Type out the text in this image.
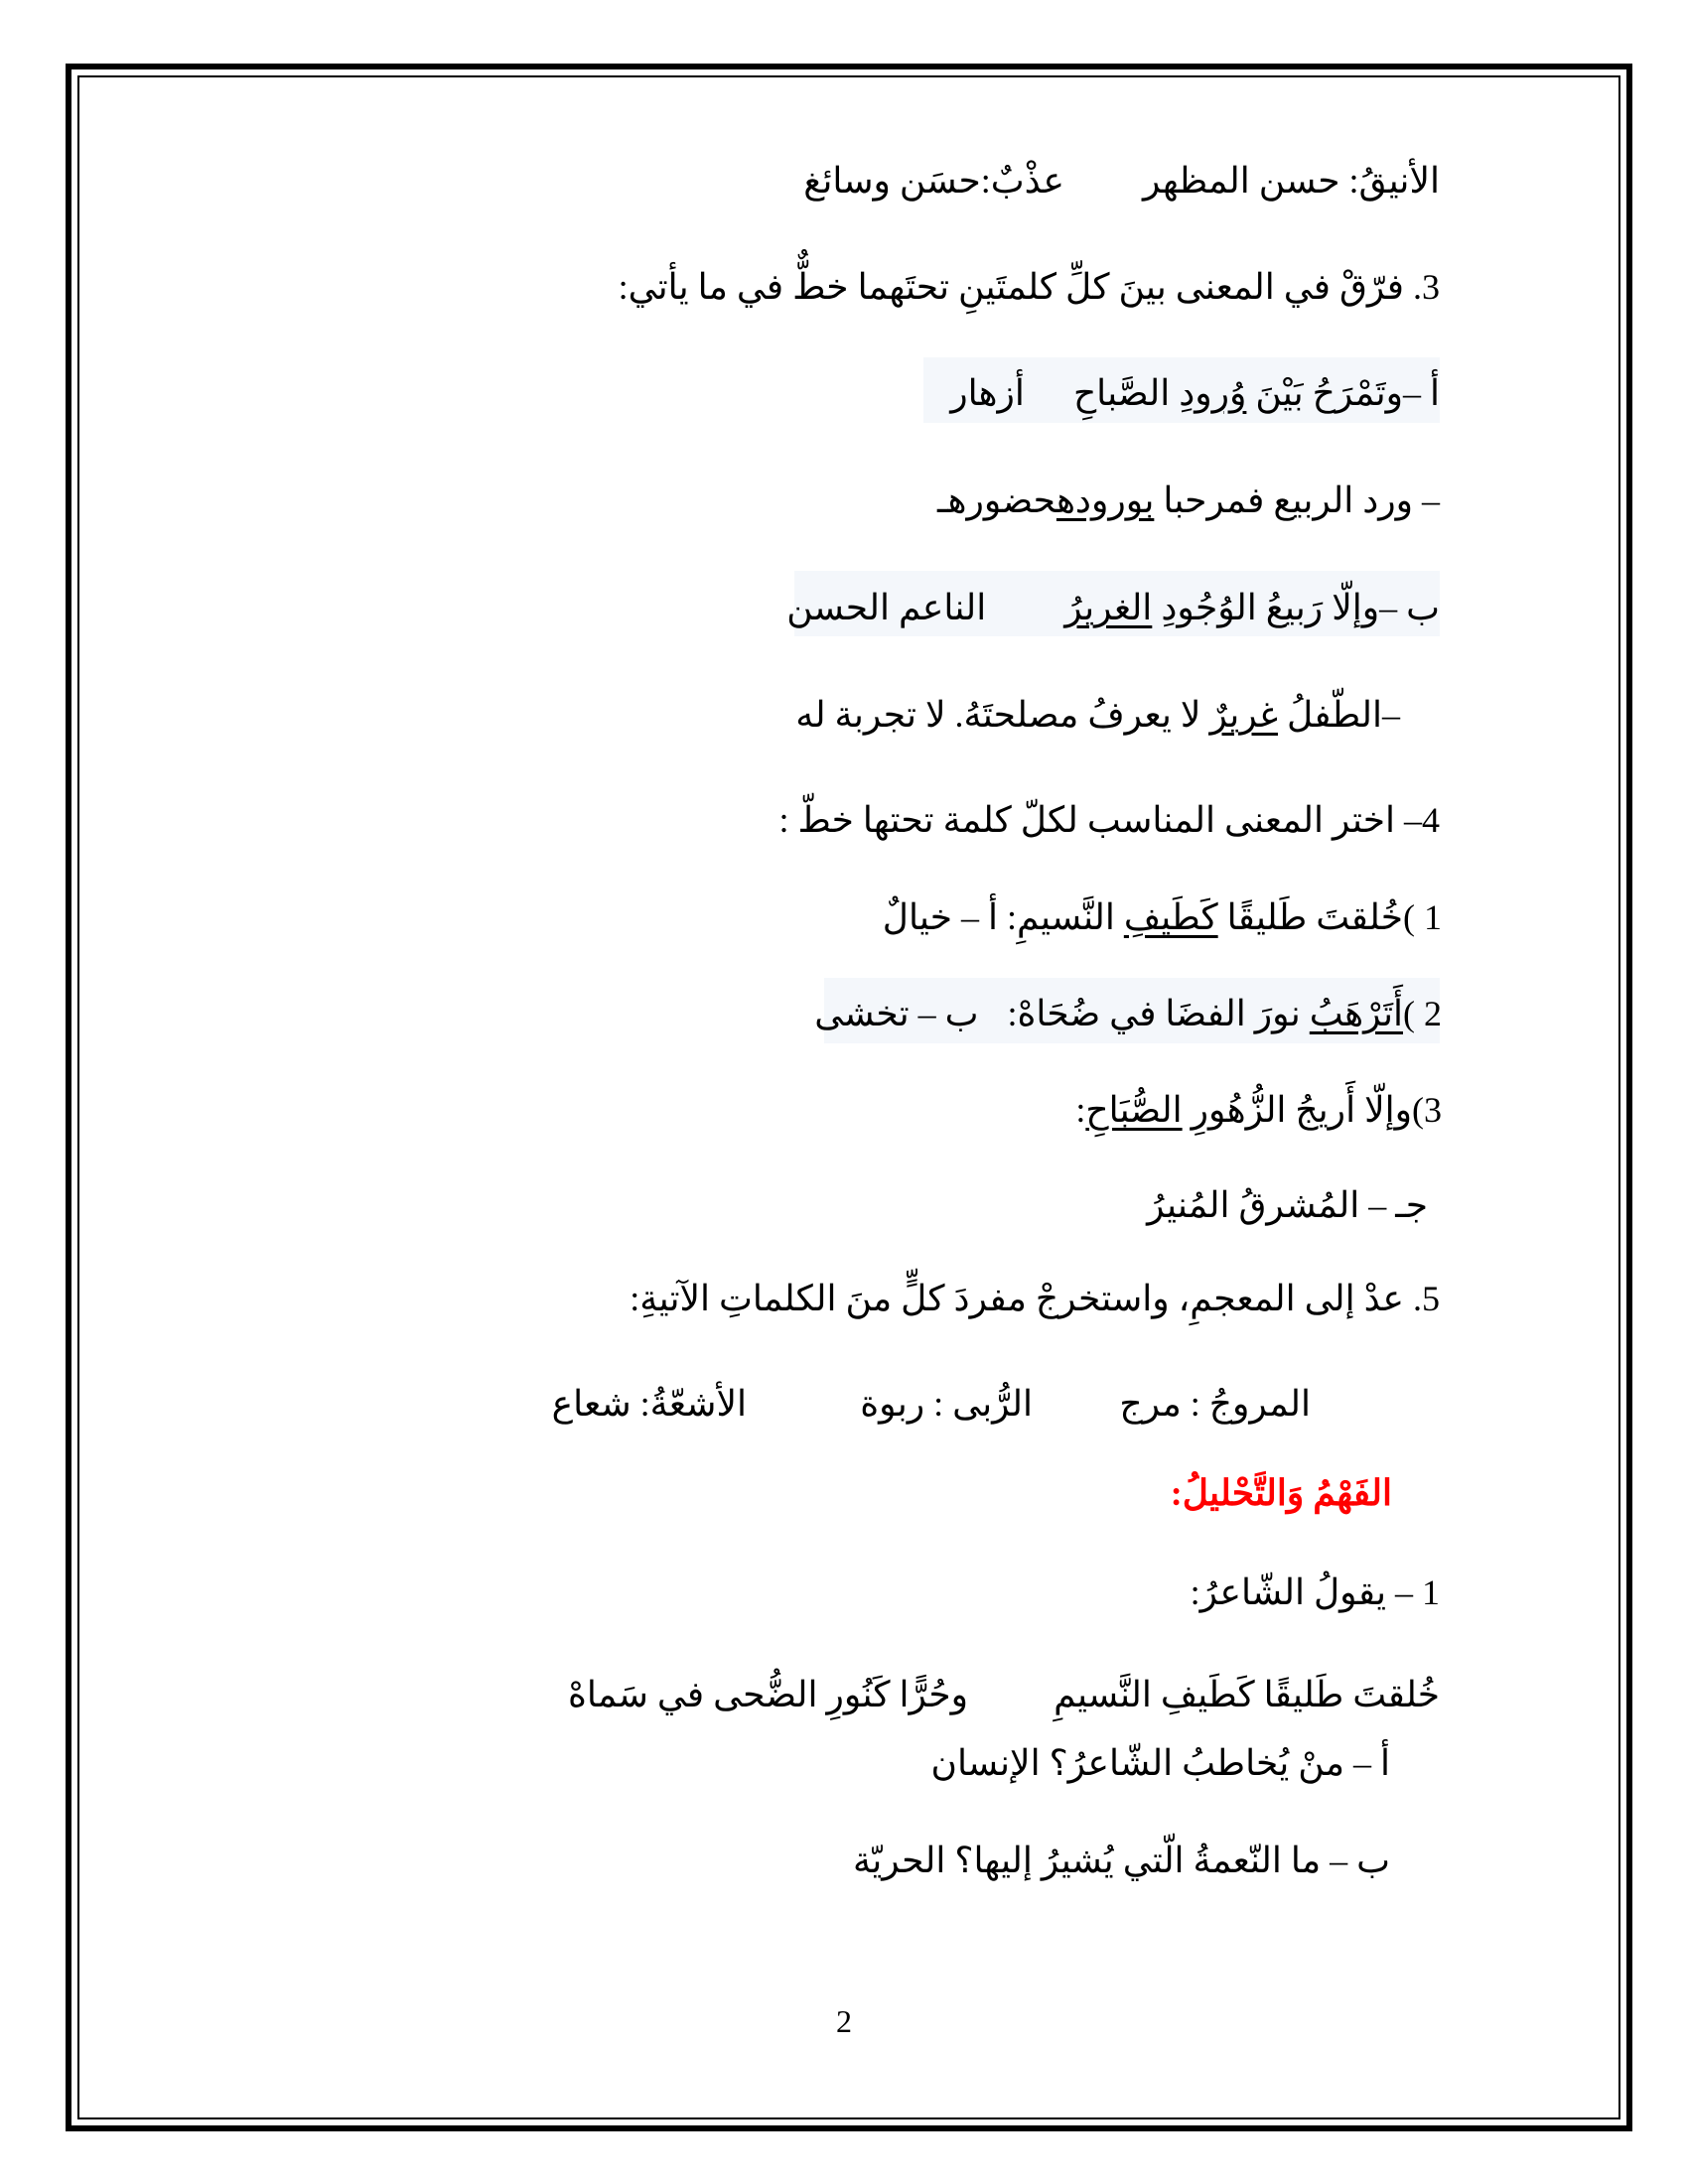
الأنيقُ: حسن المظهر عذْبٌ:حسَن وسائغ
3. فرّقْ في المعنى بينَ كلِّ كلمتَينِ تحتَهما خطٌّ في ما يأتي:
أ –وتَمْرَحُ بَيْنَ وُرودِ الصَّباحِ أزهار
– ورد الربيع فمرحبا بورودهحضورهـ
ب –وإلّا رَبيعُ الوُجُودِ الغريرُ الناعم الحسن
–الطّفلُ غريرٌ لا يعرفُ مصلحتَهُ. لا تجربة له
4– اختر المعنى المناسب لكلّ كلمة تحتها خطّ :
1 )خُلقتَ طَليقًا كَطَيفِ النَّسيمِ: أ – خيالٌ
2 )أَتَرْهَبُ نورَ الفضَا في ضُحَاهْ: ب – تخشى
3)وإلّا أَريجُ الزُّهُورِ الصُّبَاحِ:
جـ – المُشرقُ المُنيرُ
5. عدْ إلى المعجمِ، واستخرجْ مفردَ كلٍّ منَ الكلماتِ الآتيةِ:
المروجُ : مرج
الرُّبى : ربوة
الأشعّةُ: شعاع
الفَهْمُ وَالتَّحْليلُ:
1 – يقولُ الشّاعرُ:
خُلقتَ طَليقًا كَطَيفِ النَّسيمِ
وحُرًّا كَنُورِ الضُّحى في سَماهْ
أ – منْ يُخاطبُ الشّاعرُ؟ الإنسان
ب – ما النّعمةُ الّتي يُشيرُ إليها؟ الحريّة
2
